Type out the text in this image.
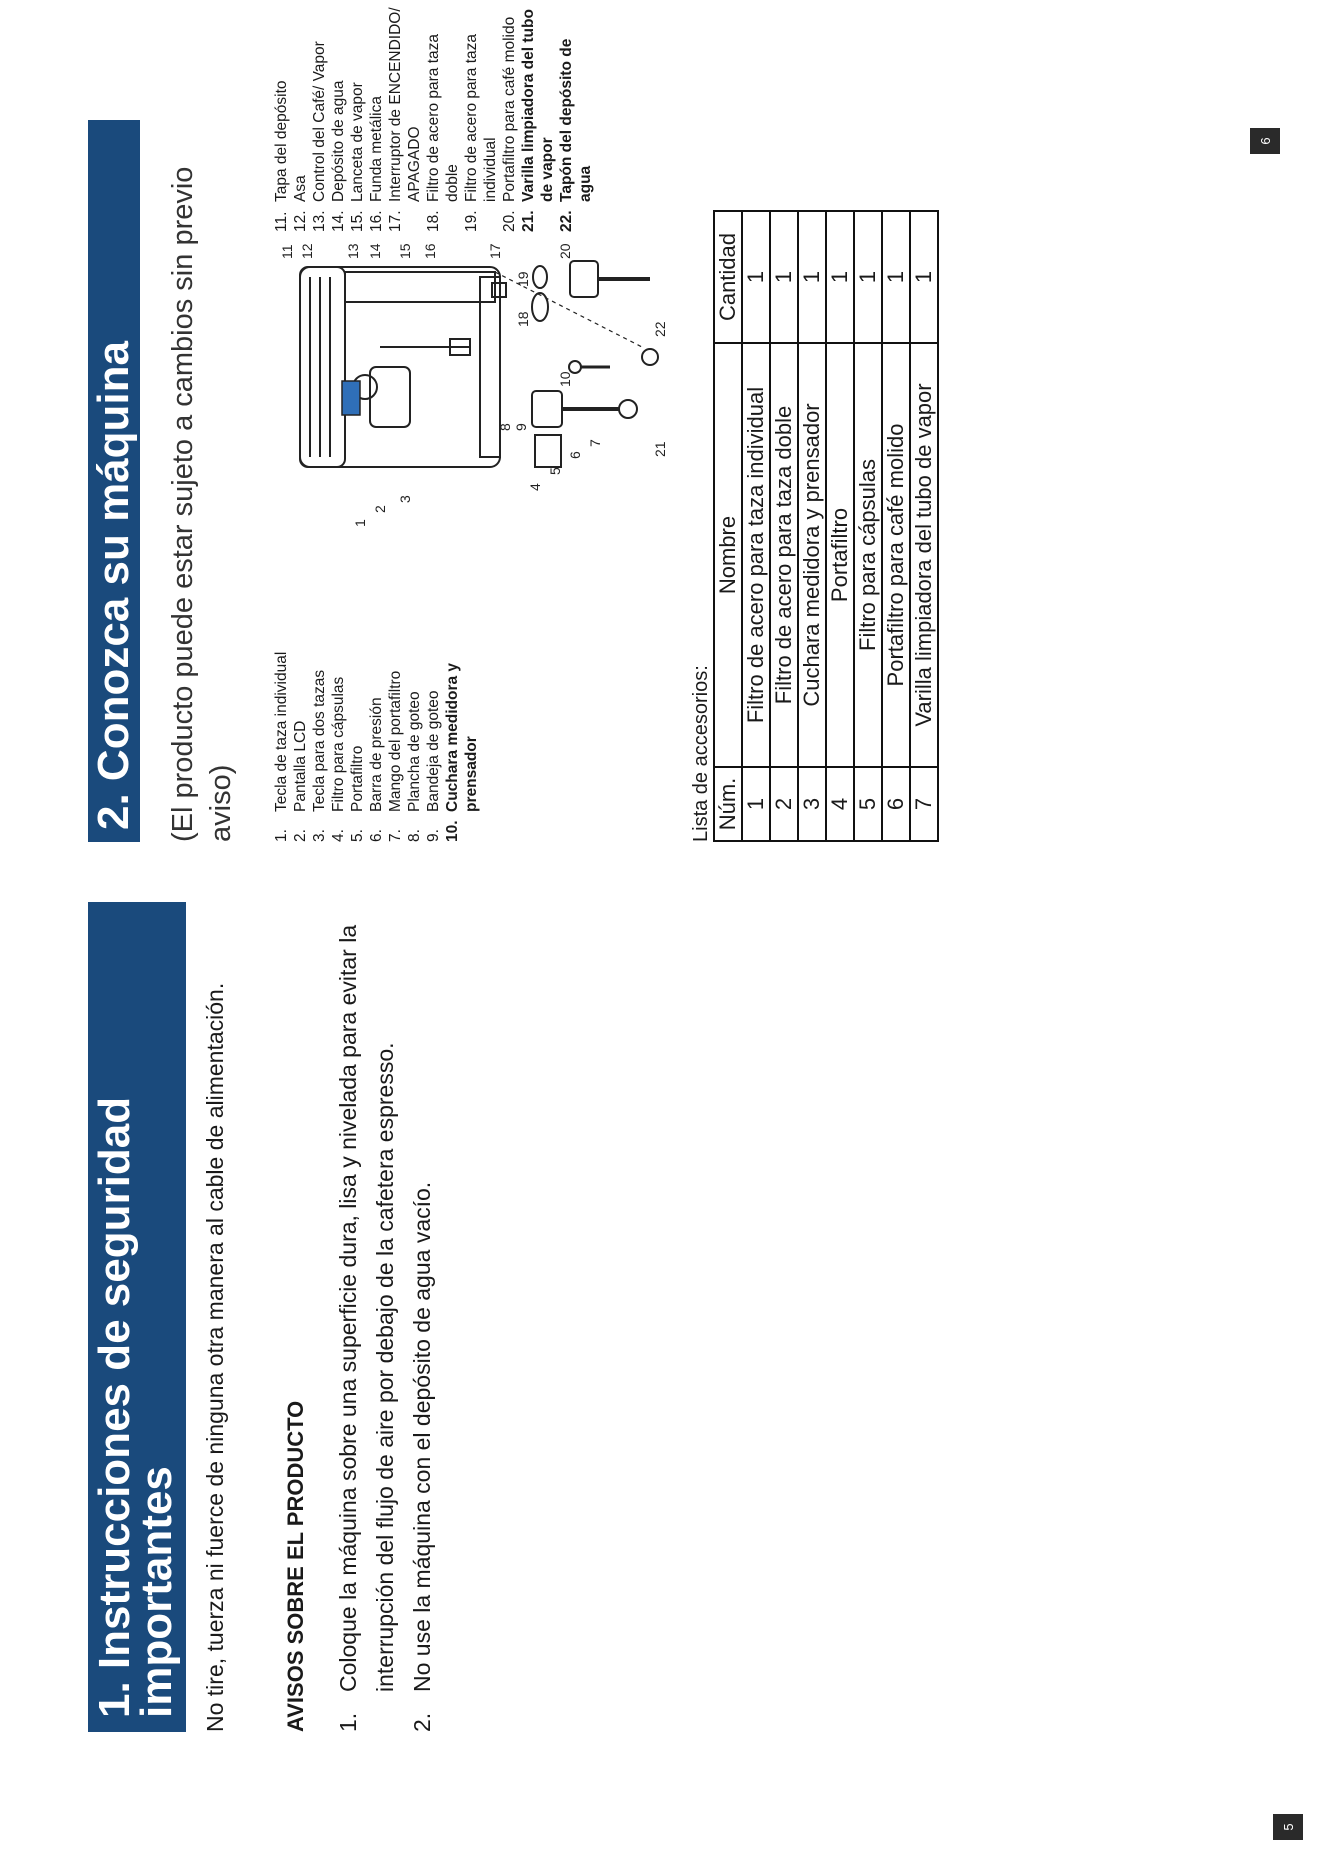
5
1. Instrucciones de seguridad importantes No tire, tuerza ni fuerce de ninguna otra manera al cable de alimentación.	AVISOS SOBRE EL PRODUCTO 1.
Coloque la máquina sobre una superficie dura, lisa y nivelada para evitar la interrupción del flujo de aire por debajo de la cafetera espresso.
2.
No use la máquina con el depósito de agua vacío.
6
2. Conozca su máquina (El producto puede estar sujeto a cambios sin previo aviso) 1.
Tecla de taza individual
2.
Pantalla LCD
3.
Tecla para dos tazas
4.
Filtro para cápsulas
5.
Portafiltro
6.
Barra de presión
7.
Mango del portafiltro
8.
Plancha de goteo
9.
Bandeja de goteo
10.
Cuchara medidora y prensador
1
2
3
4
5
6
7
8 9
10
11 12 13 14 15 16	17
18
19
20
21
22
11.
Tapa del depósito
12.
Asa
13.
Control del Café/ Vapor
14.
Depósito de agua
15.
Lanceta de vapor
16.
Funda metálica
17.
Interruptor de ENCENDIDO/ APAGADO
18.
Filtro de acero para taza doble
19.
Filtro de acero para taza individual
20.
Portafiltro para café molido
21.
Varilla limpiadora del tubo de vapor
22.
Tapón del depósito de agua
Lista de accesorios: Núm.	Nombre	Cantidad
1	Filtro de acero para taza individual	1
2	Filtro de acero para taza doble	1
3	Cuchara medidora y prensador	1
4	Portafiltro	1
5	Filtro para cápsulas	1
6	Portafiltro para café molido	1
7	Varilla limpiadora del tubo de vapor	1
